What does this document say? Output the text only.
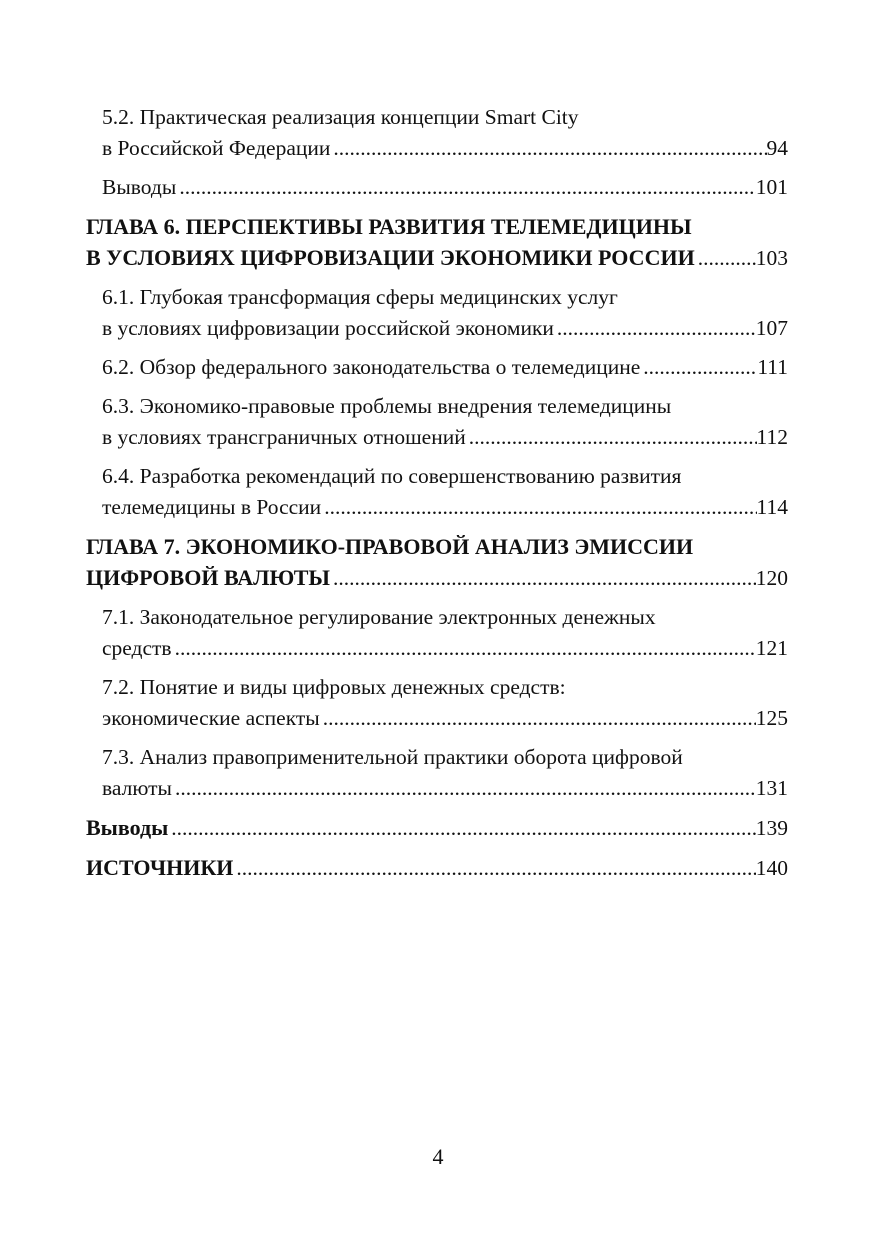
5.2. Практическая реализация концепции Smart City
в Российской Федерации .....	94
Выводы .....	101
ГЛАВА 6. ПЕРСПЕКТИВЫ РАЗВИТИЯ ТЕЛЕМЕДИЦИНЫ
В УСЛОВИЯХ ЦИФРОВИЗАЦИИ ЭКОНОМИКИ РОССИИ .....	103
6.1. Глубокая трансформация сферы медицинских услуг
в условиях цифровизации российской экономики .....	107
6.2. Обзор федерального законодательства о телемедицине .....	111
6.3. Экономико-правовые проблемы внедрения телемедицины
в условиях трансграничных отношений .....	112
6.4. Разработка рекомендаций по совершенствованию развития
телемедицины в России .....	114
ГЛАВА 7. ЭКОНОМИКО-ПРАВОВОЙ АНАЛИЗ ЭМИССИИ
ЦИФРОВОЙ ВАЛЮТЫ .....	120
7.1. Законодательное регулирование электронных денежных
средств .....	121
7.2. Понятие и виды цифровых денежных средств:
экономические аспекты .....	125
7.3. Анализ правоприменительной практики оборота цифровой
валюты .....	131
Выводы .....	139
ИСТОЧНИКИ .....	140
4
